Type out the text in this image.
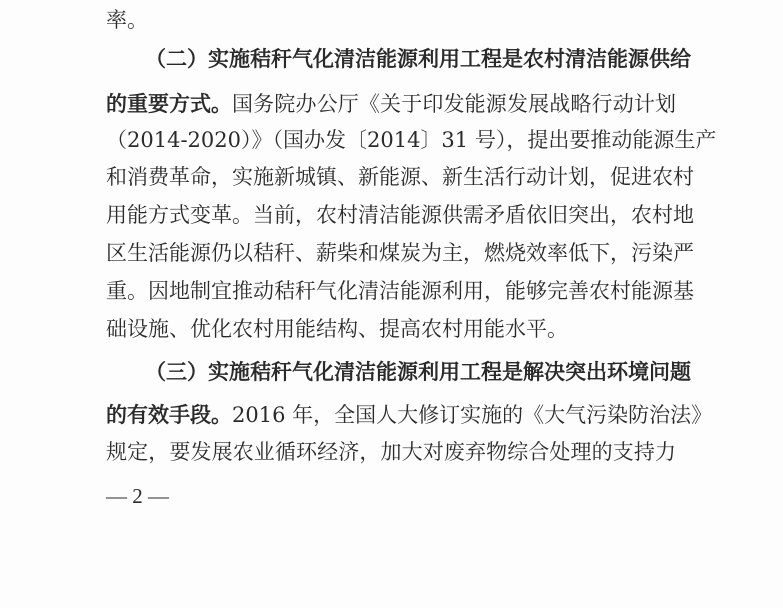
率。
（二）实施秸秆气化清洁能源利用工程是农村清洁能源供给
的重要方式。 国务院办公厅《关于印发能源发展战略行动计划
（2014-2020）》（国办发〔2014〕31 号），提出要推动能源生产
和消费革命，实施新城镇、新能源、新生活行动计划，促进农村
用能方式变革。当前，农村清洁能源供需矛盾依旧突出，农村地
区生活能源仍以秸秆、薪柴和煤炭为主，燃烧效率低下，污染严
重。因地制宜推动秸秆气化清洁能源利用，能够完善农村能源基
础设施、优化农村用能结构、提高农村用能水平。
（三）实施秸秆气化清洁能源利用工程是解决突出环境问题
的有效手段。 2016 年，全国人大修订实施的《大气污染防治法》
规定，要发展农业循环经济，加大对废弃物综合处理的支持力
— 2 —
